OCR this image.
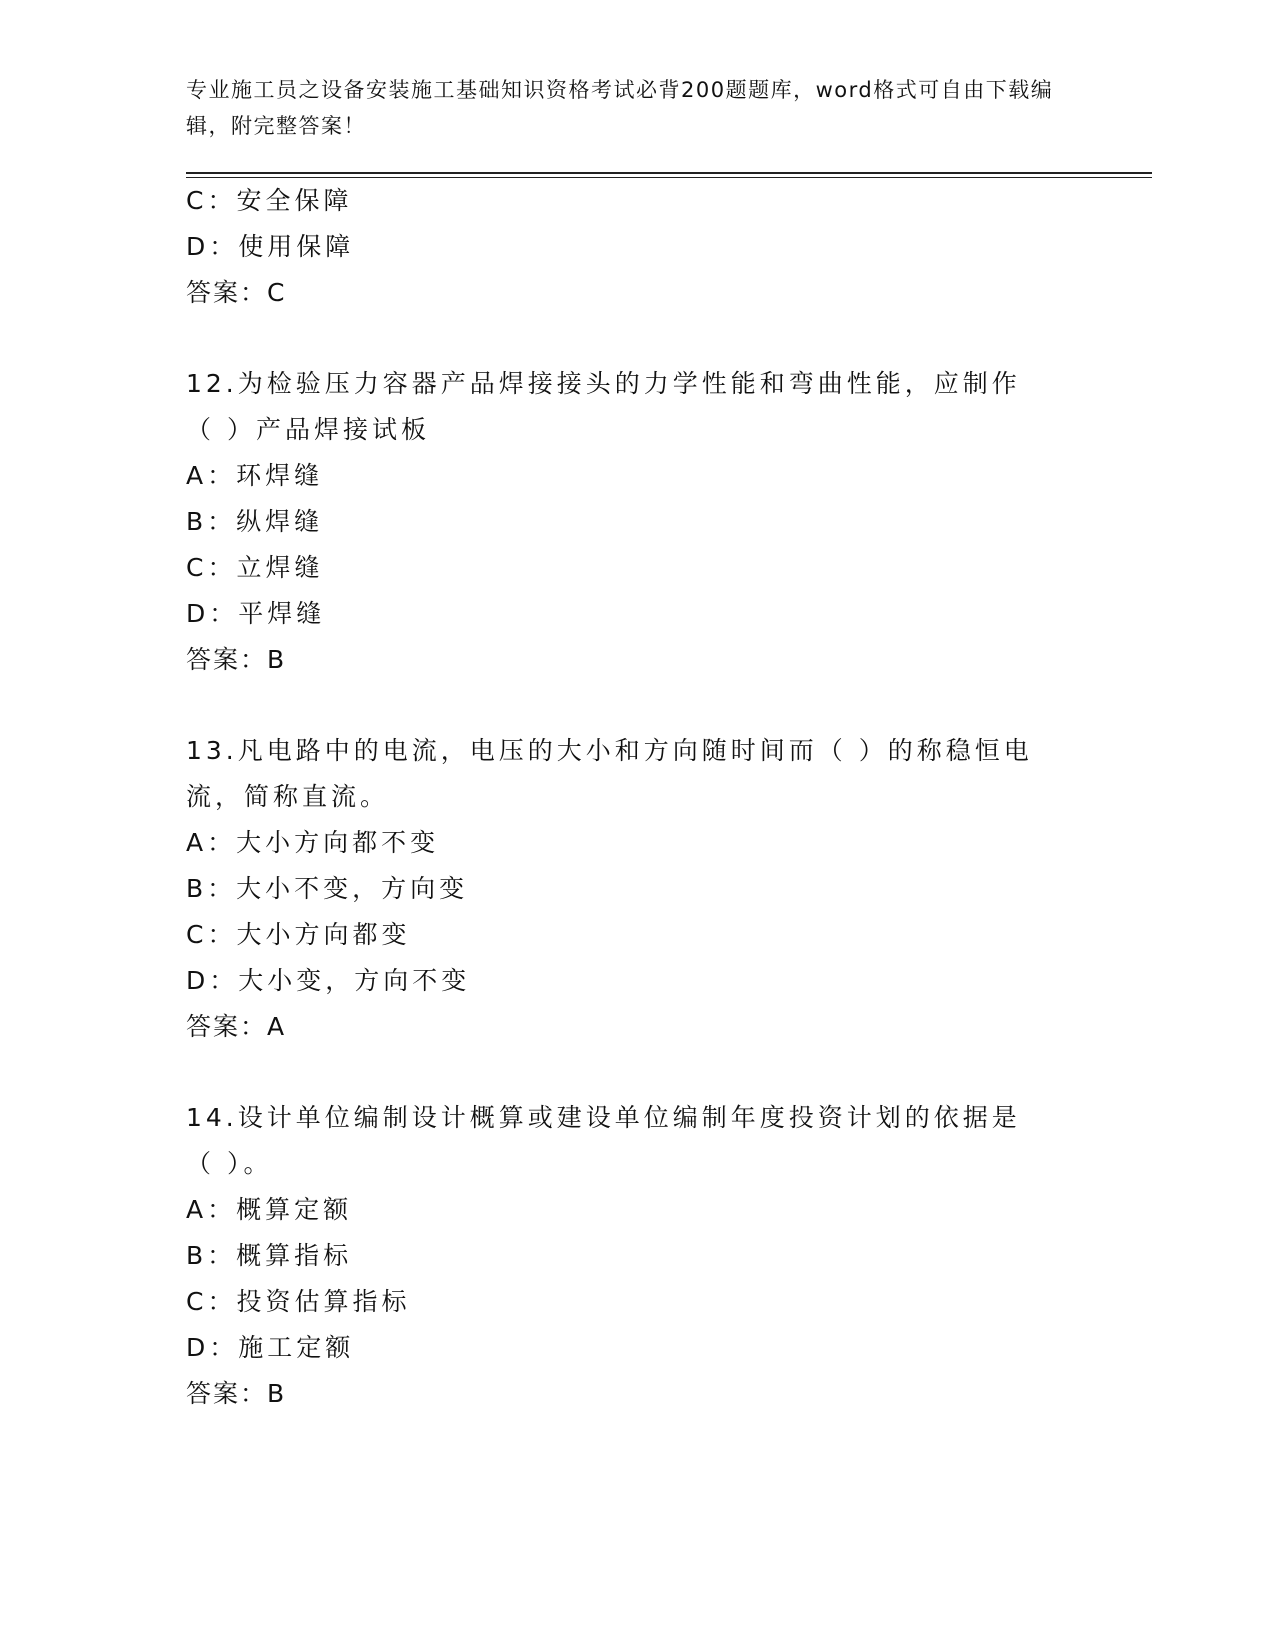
专业施工员之设备安装施工基础知识资格考试必背200题题库，word格式可自由下载编辑，附完整答案！

C：安全保障

D：使用保障

答案：C

12.为检验压力容器产品焊接接头的力学性能和弯曲性能，应制作（ ）产品焊接试板

A：环焊缝

B：纵焊缝

C：立焊缝

D：平焊缝

答案：B

13.凡电路中的电流，电压的大小和方向随时间而（ ）的称稳恒电流，简称直流。

A：大小方向都不变

B：大小不变，方向变

C：大小方向都变

D：大小变，方向不变

答案：A

14.设计单位编制设计概算或建设单位编制年度投资计划的依据是（ ）。

A：概算定额

B：概算指标

C：投资估算指标

D：施工定额

答案：B
